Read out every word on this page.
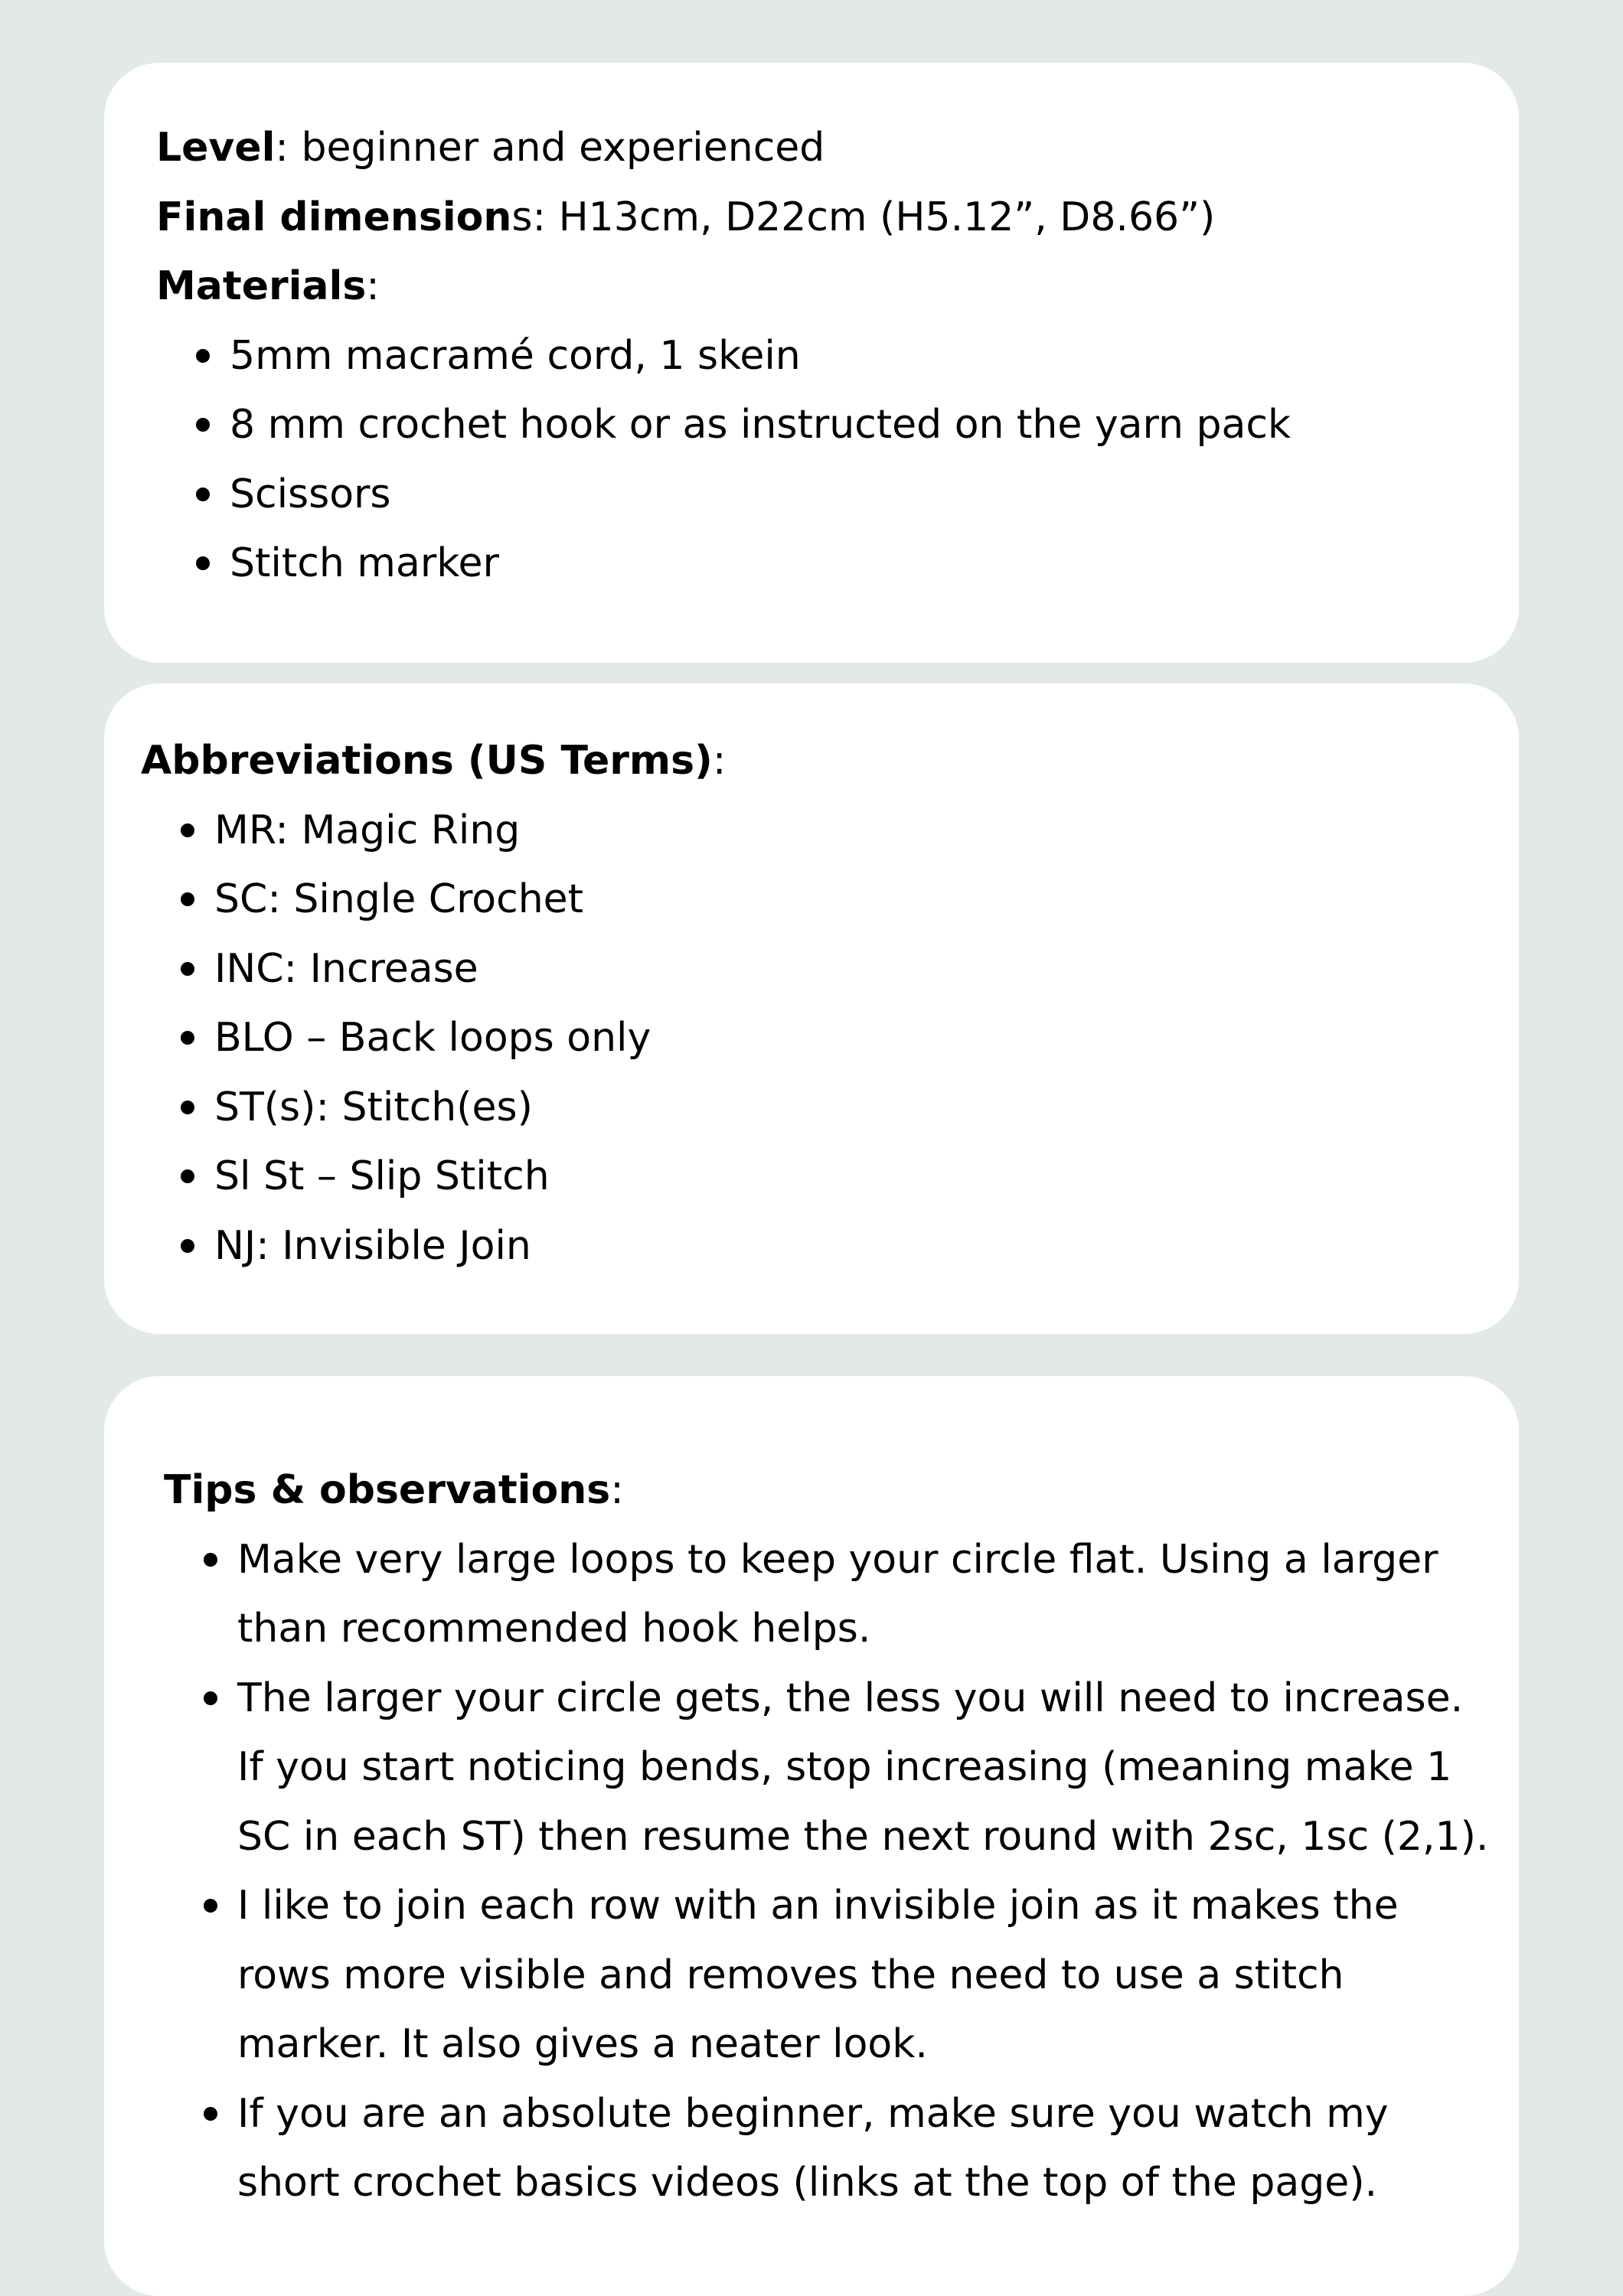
Level: beginner and experienced

Final dimensions: H13cm, D22cm (H5.12”, D8.66”)

Materials:

5mm macramé cord, 1 skein
8 mm crochet hook or as instructed on the yarn pack
Scissors
Stitch marker

Abbreviations (US Terms):

MR: Magic Ring
SC: Single Crochet
INC: Increase
BLO – Back loops only
ST(s): Stitch(es)
Sl St – Slip Stitch
NJ: Invisible Join

Tips & observations:

Make very large loops to keep your circle flat. Using a larger
than recommended hook helps.
The larger your circle gets, the less you will need to increase.
If you start noticing bends, stop increasing (meaning make 1
SC in each ST) then resume the next round with 2sc, 1sc (2,1).
I like to join each row with an invisible join as it makes the
rows more visible and removes the need to use a stitch
marker. It also gives a neater look.
If you are an absolute beginner, make sure you watch my
short crochet basics videos (links at the top of the page).
